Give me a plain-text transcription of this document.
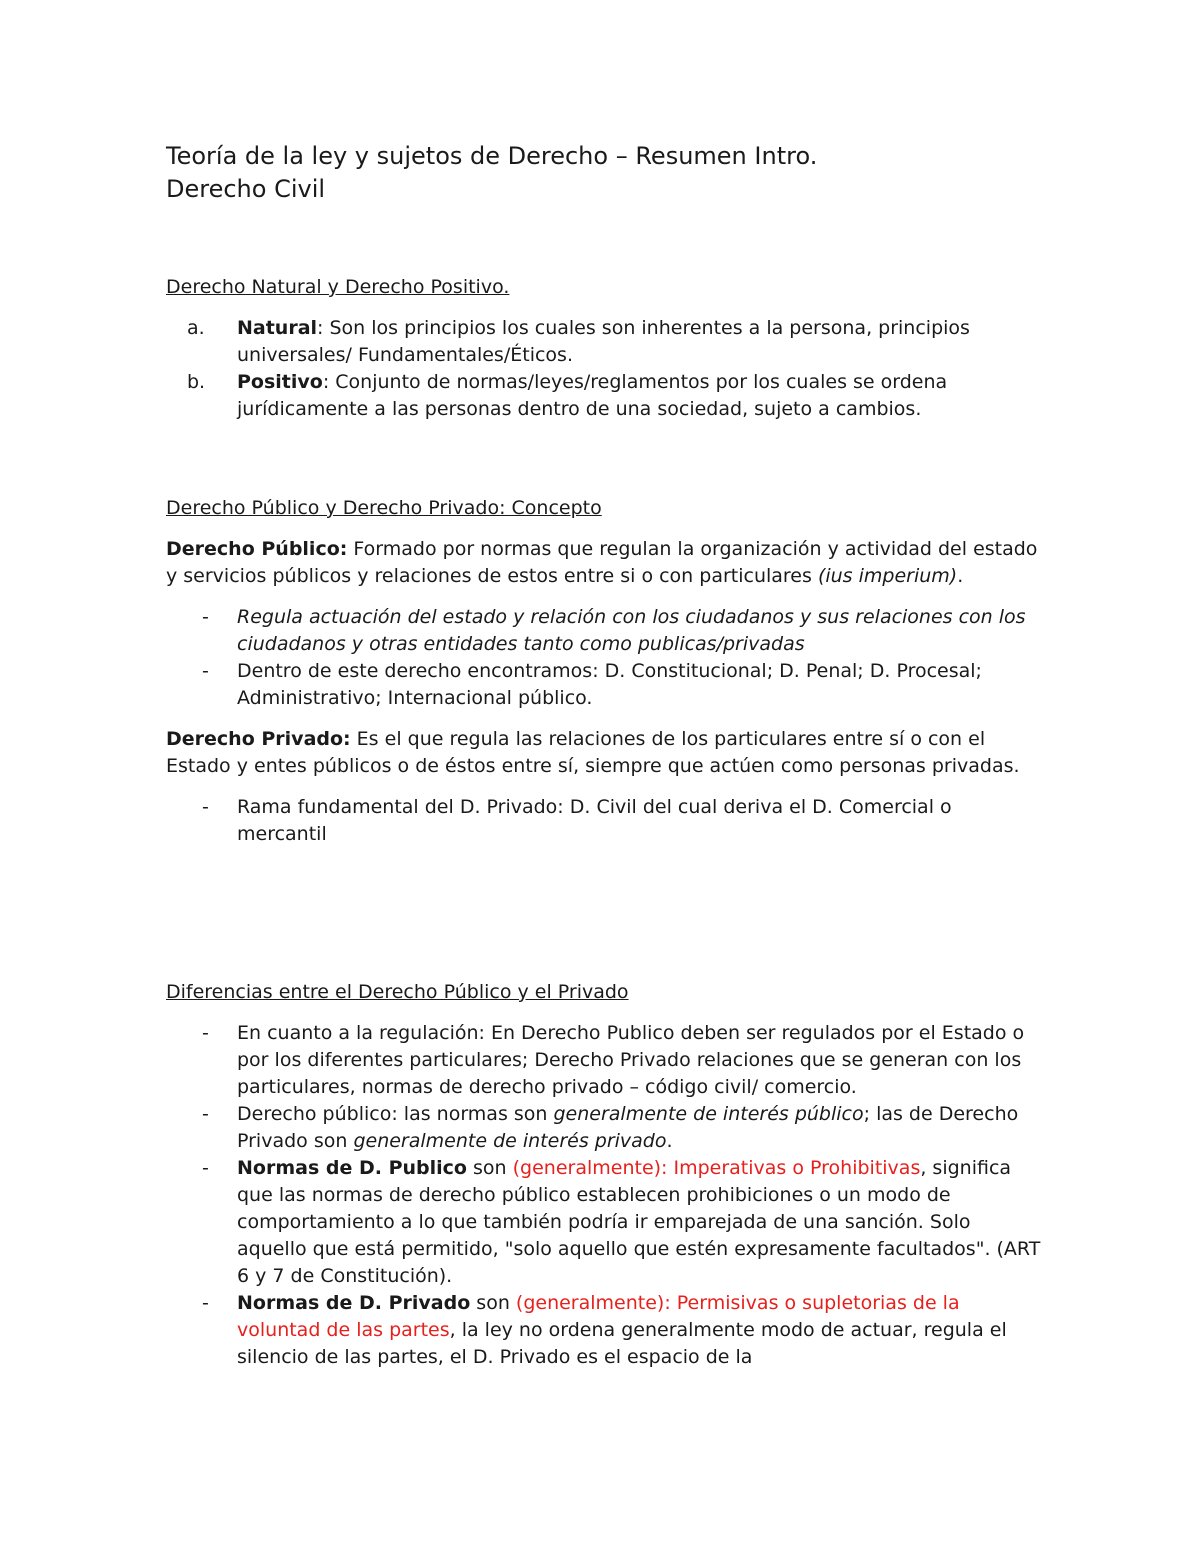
Teoría de la ley y sujetos de Derecho – Resumen Intro.
Derecho Civil

Derecho Natural y Derecho Positivo.

a. Natural: Son los principios los cuales son inherentes a la persona, principios universales/ Fundamentales/Éticos.

b. Positivo: Conjunto de normas/leyes/reglamentos por los cuales se ordena jurídicamente a las personas dentro de una sociedad, sujeto a cambios.

Derecho Público y Derecho Privado: Concepto

Derecho Público: Formado por normas que regulan la organización y actividad del estado y servicios públicos y relaciones de estos entre si o con particulares (ius imperium).

- Regula actuación del estado y relación con los ciudadanos y sus relaciones con los ciudadanos y otras entidades tanto como publicas/privadas

- Dentro de este derecho encontramos: D. Constitucional; D. Penal; D. Procesal; Administrativo; Internacional público.

Derecho Privado: Es el que regula las relaciones de los particulares entre sí o con el Estado y entes públicos o de éstos entre sí, siempre que actúen como personas privadas.

- Rama fundamental del D. Privado: D. Civil del cual deriva el D. Comercial o mercantil

Diferencias entre el Derecho Público y el Privado

- En cuanto a la regulación: En Derecho Publico deben ser regulados por el Estado o por los diferentes particulares; Derecho Privado relaciones que se generan con los particulares, normas de derecho privado – código civil/ comercio.

- Derecho público: las normas son generalmente de interés público; las de Derecho Privado son generalmente de interés privado.

- Normas de D. Publico son (generalmente): Imperativas o Prohibitivas, significa que las normas de derecho público establecen prohibiciones o un modo de comportamiento a lo que también podría ir emparejada de una sanción. Solo aquello que está permitido, "solo aquello que estén expresamente facultados". (ART 6 y 7 de Constitución).

- Normas de D. Privado son (generalmente): Permisivas o supletorias de la voluntad de las partes, la ley no ordena generalmente modo de actuar, regula el silencio de las partes, el D. Privado es el espacio de la
